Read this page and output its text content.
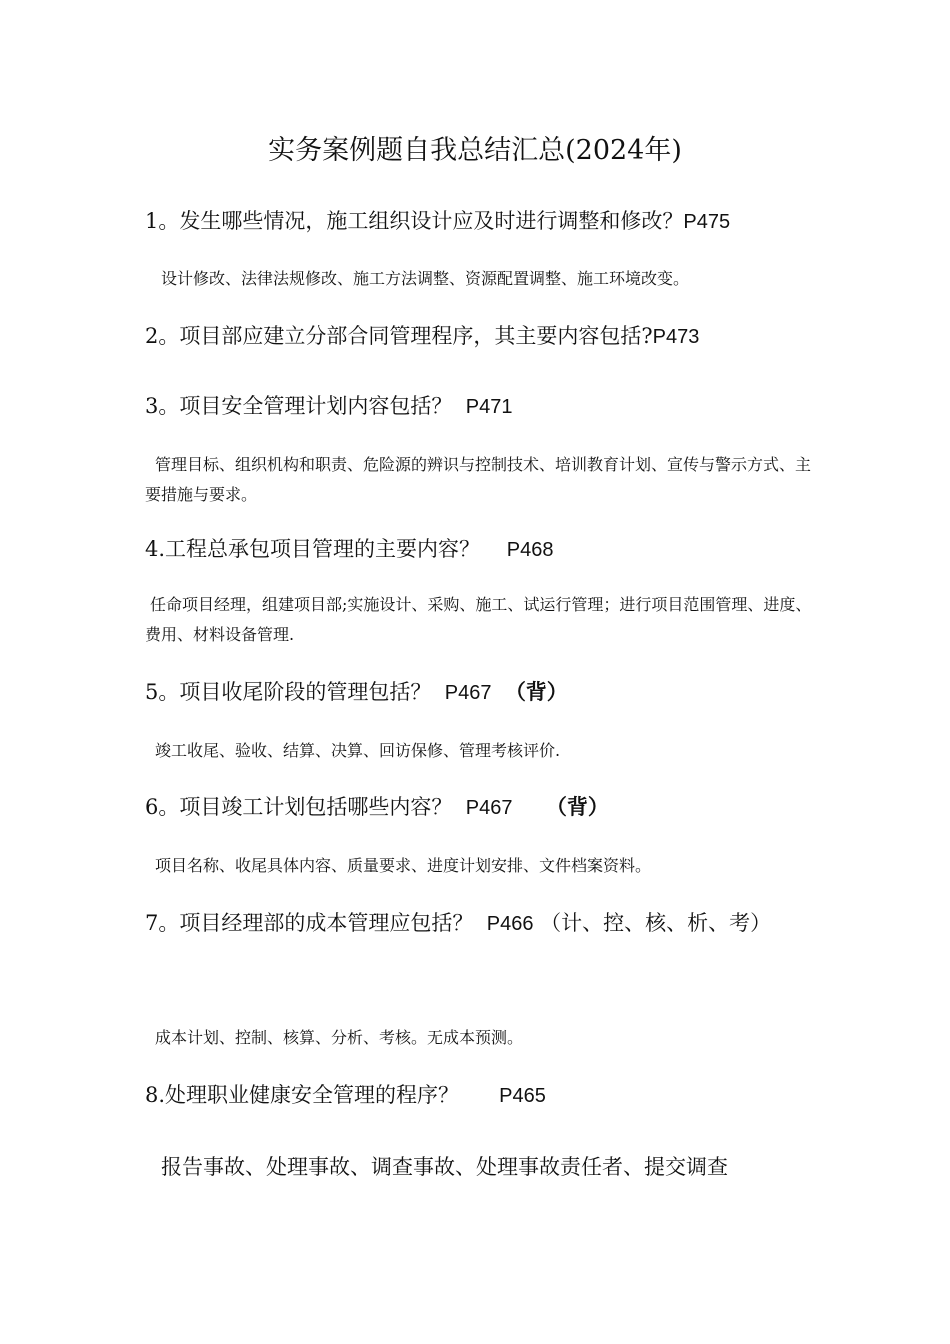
实务案例题自我总结汇总(2024年)
1。发生哪些情况，施工组织设计应及时进行调整和修改？P475
设计修改、法律法规修改、施工方法调整、资源配置调整、施工环境改变。
2。项目部应建立分部合同管理程序，其主要内容包括?P473
3。项目安全管理计划内容包括？ P471
管理目标、组织机构和职责、危险源的辨识与控制技术、培训教育计划、宣传与警示方式、主要措施与要求。
4.工程总承包项目管理的主要内容？ P468
任命项目经理，组建项目部;实施设计、采购、施工、试运行管理；进行项目范围管理、进度、费用、材料设备管理.
5。项目收尾阶段的管理包括？ P467 （背）
竣工收尾、验收、结算、决算、回访保修、管理考核评价.
6。项目竣工计划包括哪些内容？ P467 （背）
项目名称、收尾具体内容、质量要求、进度计划安排、文件档案资料。
7。项目经理部的成本管理应包括？ P466 （计、控、核、析、考）
成本计划、控制、核算、分析、考核。无成本预测。
8.处理职业健康安全管理的程序？ P465
报告事故、处理事故、调查事故、处理事故责任者、提交调查
